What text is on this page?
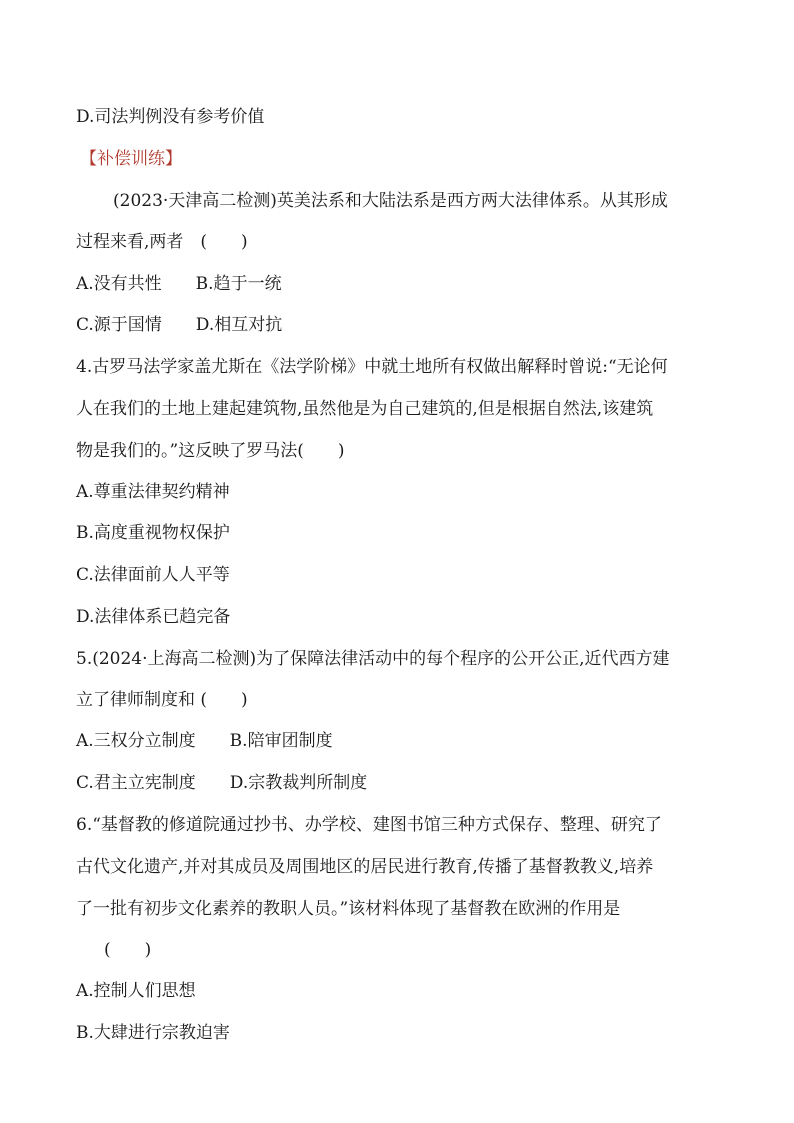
D.司法判例没有参考价值
【补偿训练】
(2023·天津高二检测)英美法系和大陆法系是西方两大法律体系。从其形成
过程来看,两者　(　　)
A.没有共性　　B.趋于一统
C.源于国情　　D.相互对抗
4.古罗马法学家盖尤斯在《法学阶梯》中就土地所有权做出解释时曾说:“无论何
人在我们的土地上建起建筑物,虽然他是为自己建筑的,但是根据自然法,该建筑
物是我们的。”这反映了罗马法(　　)
A.尊重法律契约精神
B.高度重视物权保护
C.法律面前人人平等
D.法律体系已趋完备
5.(2024·上海高二检测)为了保障法律活动中的每个程序的公开公正,近代西方建
立了律师制度和 (　　)
A.三权分立制度　　B.陪审团制度
C.君主立宪制度　　D.宗教裁判所制度
6.“基督教的修道院通过抄书、办学校、建图书馆三种方式保存、整理、研究了
古代文化遗产,并对其成员及周围地区的居民进行教育,传播了基督教教义,培养
了一批有初步文化素养的教职人员。”该材料体现了基督教在欧洲的作用是
(　　)
A.控制人们思想
B.大肆进行宗教迫害
